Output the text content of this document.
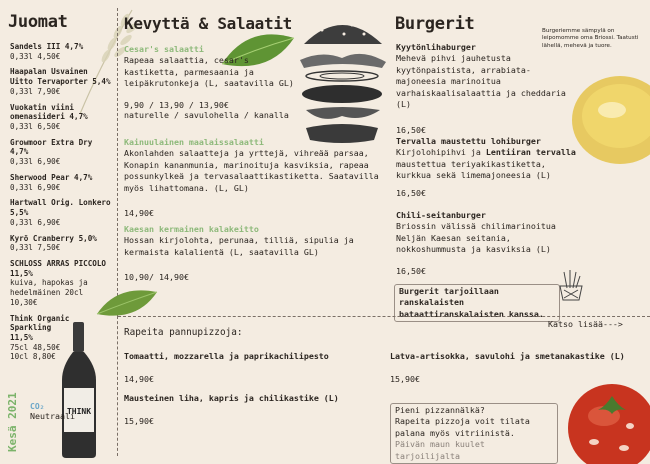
Juomat
Sandels III 4,7%
0,33l 4,50€
Haapalan Usvainen Uitto Tervaporter 5,4%
0,33l 7,90€
Vuokatin viini omenasiideri 4,7%
0,33l 6,50€
Growmoor Extra Dry 4,7%
0,33l 6,90€
Sherwood Pear 4,7%
0,33l 6,90€
Hartwall Orig. Lonkero 5,5%
0,33l 6,90€
Kyrö Cranberry 5,0%
0,33l 7,50€
SCHLOSS ARRAS PICCOLO 11,5%
kuiva, hapokas ja hedelmäinen 20cl 10,30€
Think Organic Sparkling 11,5%
75cl 48,50€ 10cl 8,80€
THINK
Kesä 2021 CO₂
Neutraali
Kevyttä & Salaatit
Cesar's salaatti
Rapeaa salaattia, cesar's kastiketta, parmesaania ja leipäkrutonkeja (L, saatavilla GL)
9,90 / 13,90 / 13,90€
naturelle / savulohella / kanalla
Kainuulainen maalaissalaatti
Akonlahden salaatteja ja yrttejä, vihreää parsaa, Konapin kananmunia, marinoituja kasviksia, rapeaa possunkylkeä ja tervasalaattikastiketta. Saatavilla myös lihattomana. (L, GL)
14,90€
Kaesan kermainen kalakeitto
Hossan kirjolohta, perunaa, tilliä, sipulia ja kermaista kalalientä (L, saatavilla GL)
10,90/ 14,90€
Burgerit	Burgeriemme sämpylä on leipomomme oma Briossi. Taatusti lähellä, mehevä ja tuore.
Kyytönlihaburger
Mehevä pihvi jauhetusta kyytönpaistista, arrabiata-majoneesia marinoitua varhaiskaalisalaattia ja cheddaria (L)
16,50€
Tervalla maustettu lohiburger
Kirjolohipihvi ja Lentiiran tervalla maustettua teriyakikastiketta, kurkkua sekä limemajoneesia (L)
16,50€
Chili-seitanburger
Briossin välissä chilimarinoitua Neljän Kaesan seitania, nokkoshummusta ja kasviksia (L)
16,50€
Burgerit tarjoillaan ranskalaisten bataattiranskalaisten kanssa.
Katso lisää--->
Rapeita pannupizzoja:
Tomaatti, mozzarella ja paprikachilipesto
14,90€
Mausteinen liha, kapris ja chilikastike (L)
15,90€
Latva-artisokka, savulohi ja smetanakastike (L)
15,90€
Pieni pizzannälkä?
Rapeita pizzoja voit tilata palana myös vitriinistä.
Päivän maun kuulet tarjoilijalta
